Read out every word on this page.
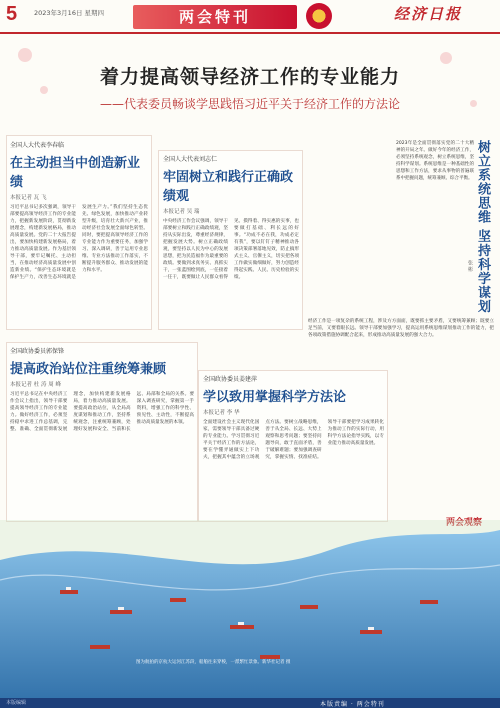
5	2023年3月16日 星期四	两会特刊	经济日报
着力提高领导经济工作的专业能力
——代表委员畅谈学思践悟习近平关于经济工作的方法论
全国人大代表李春临
在主动担当中创造新业绩
本报记者 瓦 飞
习近平总书记多次强调，领导干部要提高领导经济工作的专业能力，把握新发展阶段，贯彻新发展理念，构建新发展格局，推动高质量发展。党的二十大报告提出，要加快构建新发展格局，着力推动高质量发展。作为基层领导干部，要牢记嘱托、主动担当，在推动经济高质量发展中创造新业绩。“保护生态环境就是保护生产力，改善生态环境就是发展生产力。”我们坚持生态优先、绿色发展，加快推动产业转型升级，培育壮大新兴产业，推动经济社会发展全面绿色转型。同时，要把提高领导经济工作的专业能力作为重要任务，加强学习、深入调研，善于运用专业思维、专业方法推动工作落实，不断提升服务群众、推动发展的能力和水平。
全国人大代表刘志仁
牢固树立和践行正确政绩观
本报记者 吴 瑞
中央经济工作会议强调，领导干部要树立和践行正确政绩观，坚持从实际出发，尊重经济规律，把握发展大势。树立正确政绩观，要坚持以人民为中心的发展思想，把为民造福作为最重要的政绩。要做到求真务实、真抓实干，一张蓝图绘到底，一任接着一任干，既要做让人民群众看得见、摸得着、得实惠的实事，也要做打基础、利长远的好事。“功成不必在我，功成必定有我”，要以钉钉子精神推动各项决策部署落地见效，防止搞形式主义、官僚主义，切实把各项工作做实做细做好，努力创造经得起实践、人民、历史检验的实绩。
全国政协委员郭保锋
提高政治站位注重统筹兼顾
本报记者 杜 涛 周 峰
习近平总书记在中央经济工作会议上指出，领导干部要提高领导经济工作的专业能力。做好经济工作，必须坚持稳中求进工作总基调，完整、准确、全面贯彻新发展理念，加快构建新发展格局，着力推动高质量发展。要提高政治站位，从全局高度谋划和推动工作，坚持系统观念，注重统筹兼顾，处理好发展和安全、当前和长远、局部和全局的关系。要深入调查研究，掌握第一手资料，增强工作的科学性、预见性、主动性，不断提高推动高质量发展的本领。
全国政协委员姜建萍
学以致用掌握科学方法论
本报记者 李 华
全面建设社会主义现代化国家，需要领导干部具备过硬的专业能力。学习贯彻习近平关于经济工作的方法论，要在学懂弄通做实上下功夫，把握其中蕴含的立场观点方法。要树立战略思维，善于从全局、长远、大势上观察和思考问题；要坚持问题导向，敢于直面矛盾，善于破解难题；要加强调查研究，掌握实情、找准症结。领导干部要把学习成果转化为推动工作的实际行动，用科学方法论指导实践，以专业能力推动高质量发展。
2023年是全面贯彻落实党的二十大精神的开局之年。做好今年的经济工作，必须坚持系统观念，树立系统思维，坚持科学谋划。系统思维是一种基础性的思想和工作方法，要求从事物的普遍联系中把握问题，统筹兼顾、综合平衡。 树立系统思维 坚持科学谋划
张 彬
经济工作是一项复杂的系统工程，涉及方方面面，既要抓主要矛盾，又要统筹兼顾；既要立足当前，又要着眼长远。领导干部要加强学习，提高运用系统思维谋划推动工作的能力，把各项政策措施协调配合起来，形成推动高质量发展的强大合力。
两会观察
图为航拍的京杭大运河江苏段，船舶往来穿梭，一派繁忙景象。新华社记者 摄
本版编辑	本版责编 · 两会特刊
